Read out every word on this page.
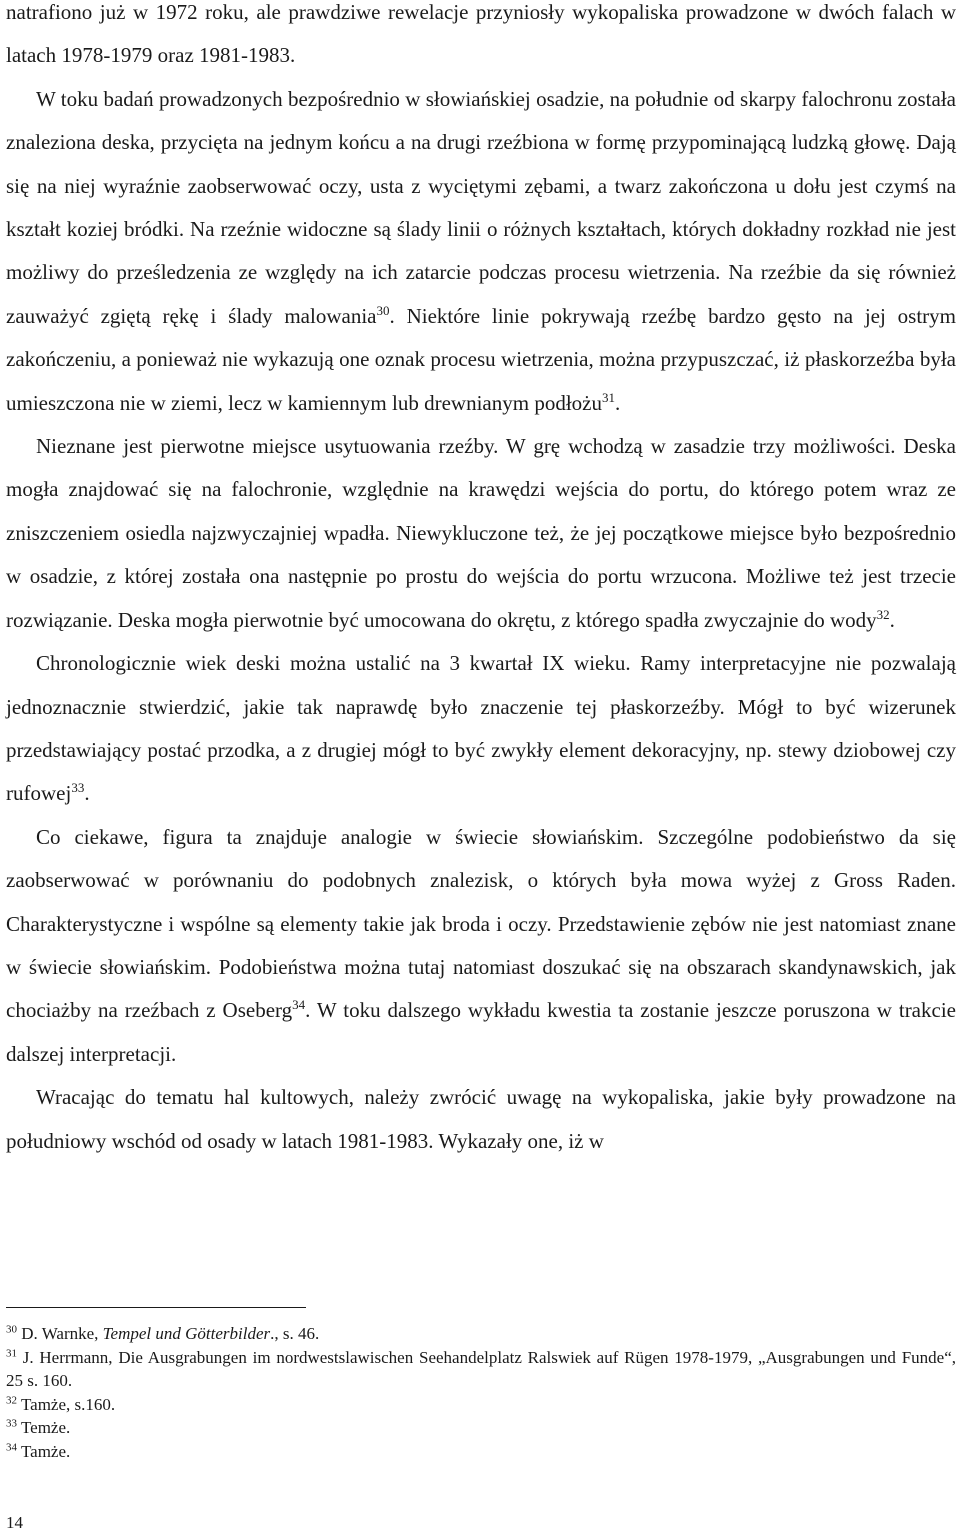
natrafiono już w 1972 roku, ale prawdziwe rewelacje przyniosły wykopaliska prowadzone w dwóch falach w latach 1978-1979 oraz 1981-1983.

W toku badań prowadzonych bezpośrednio w słowiańskiej osadzie, na południe od skarpy falochronu została znaleziona deska, przycięta na jednym końcu a na drugi rzeźbiona w formę przypominającą ludzką głowę. Dają się na niej wyraźnie zaobserwować oczy, usta z wyciętymi zębami, a twarz zakończona u dołu jest czymś na kształt koziej bródki. Na rzeźnie widoczne są ślady linii o różnych kształtach, których dokładny rozkład nie jest możliwy do prześledzenia ze względy na ich zatarcie podczas procesu wietrzenia. Na rzeźbie da się również zauważyć zgiętą rękę i ślady malowania$^{30}$. Niektóre linie pokrywają rzeźbę bardzo gęsto na jej ostrym zakończeniu, a ponieważ nie wykazują one oznak procesu wietrzenia, można przypuszczać, iż płaskorzeźba była umieszczona nie w ziemi, lecz w kamiennym lub drewnianym podłożu$^{31}$.

Nieznane jest pierwotne miejsce usytuowania rzeźby. W grę wchodzą w zasadzie trzy możliwości. Deska mogła znajdować się na falochronie, względnie na krawędzi wejścia do portu, do którego potem wraz ze zniszczeniem osiedla najzwyczajniej wpadła. Niewykluczone też, że jej początkowe miejsce było bezpośrednio w osadzie, z której została ona następnie po prostu do wejścia do portu wrzucona. Możliwe też jest trzecie rozwiązanie. Deska mogła pierwotnie być umocowana do okrętu, z którego spadła zwyczajnie do wody$^{32}$.

Chronologicznie wiek deski można ustalić na 3 kwartał IX wieku. Ramy interpretacyjne nie pozwalają jednoznacznie stwierdzić, jakie tak naprawdę było znaczenie tej płaskorzeźby. Mógł to być wizerunek przedstawiający postać przodka, a z drugiej mógł to być zwykły element dekoracyjny, np. stewy dziobowej czy rufowej$^{33}$.

Co ciekawe, figura ta znajduje analogie w świecie słowiańskim. Szczególne podobieństwo da się zaobserwować w porównaniu do podobnych znalezisk, o których była mowa wyżej z Gross Raden. Charakterystyczne i wspólne są elementy takie jak broda i oczy. Przedstawienie zębów nie jest natomiast znane w świecie słowiańskim. Podobieństwa można tutaj natomiast doszukać się na obszarach skandynawskich, jak chociażby na rzeźbach z Oseberg$^{34}$. W toku dalszego wykładu kwestia ta zostanie jeszcze poruszona w trakcie dalszej interpretacji.

Wracając do tematu hal kultowych, należy zwrócić uwagę na wykopaliska, jakie były prowadzone na południowy wschód od osady w latach 1981-1983. Wykazały one, iż w

$^{30}$ D. Warnke, Tempel und Götterbilder., s. 46.

$^{31}$ J. Herrmann, Die Ausgrabungen im nordwestslawischen Seehandelplatz Ralswiek auf Rügen 1978-1979, „Ausgrabungen und Funde“, 25 s. 160.

$^{32}$ Tamże, s.160.

$^{33}$ Temże.

$^{34}$ Tamże.

14
